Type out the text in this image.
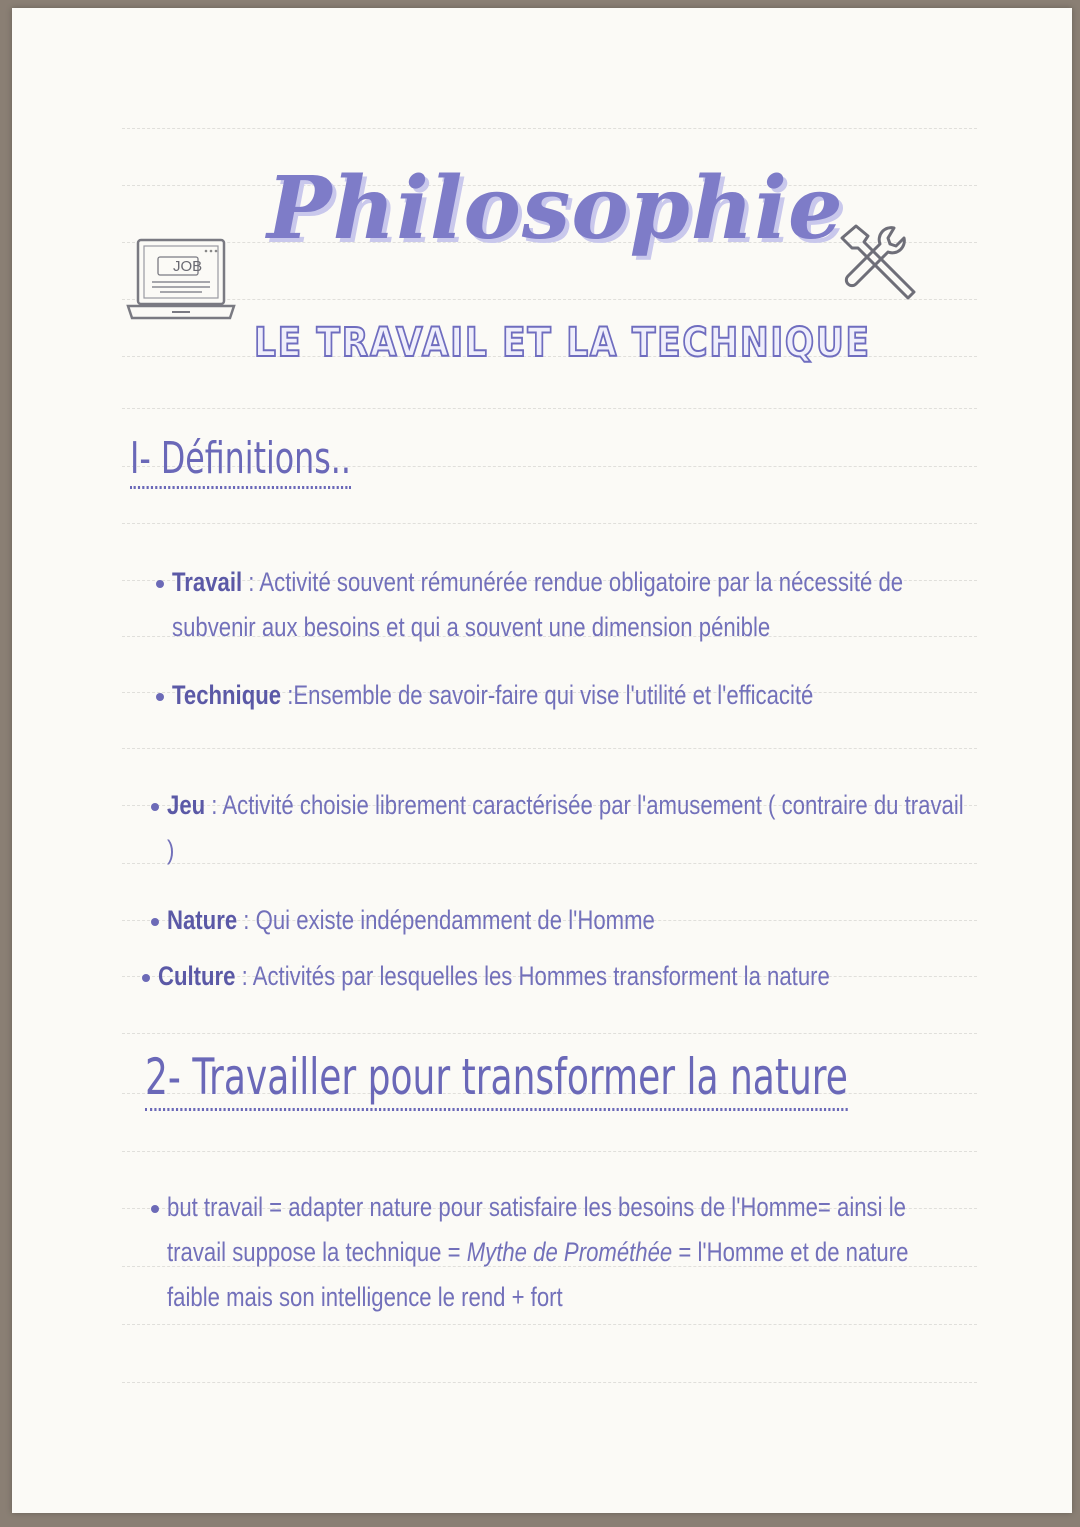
JOB
Philosophie
LE TRAVAIL ET LA TECHNIQUE
I- Définitions..
Travail : Activité souvent rémunérée rendue obligatoire par la nécessité de subvenir aux besoins et qui a souvent une dimension pénible
Technique :Ensemble de savoir-faire qui vise l'utilité et l'efficacité
Jeu : Activité choisie librement caractérisée par l'amusement ( contraire du travail )
Nature : Qui existe indépendamment de l'Homme
Culture : Activités par lesquelles les Hommes transforment la nature
2- Travailler pour transformer la nature
but travail = adapter nature pour satisfaire les besoins de l'Homme= ainsi le travail suppose la technique = Mythe de Prométhée = l'Homme et de nature faible mais son intelligence le rend + fort
